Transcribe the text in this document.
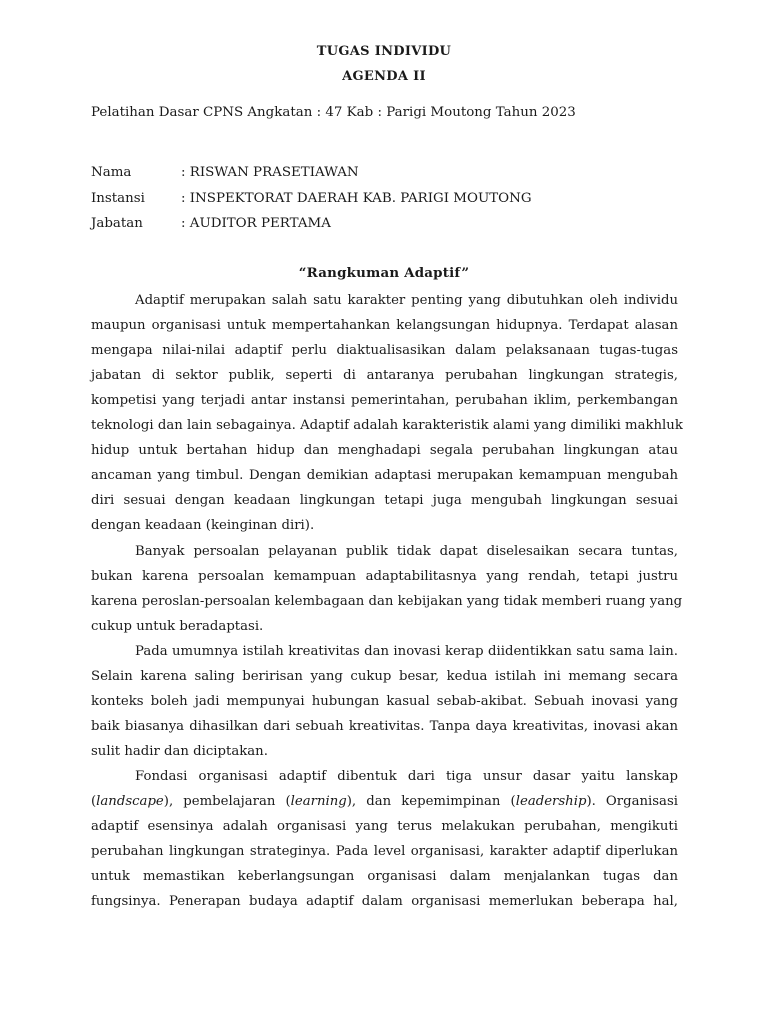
TUGAS INDIVIDU
AGENDA II
Pelatihan Dasar CPNS Angkatan : 47 Kab : Parigi Moutong Tahun 2023
Nama	: RISWAN PRASETIAWAN
Instansi	: INSPEKTORAT DAERAH KAB. PARIGI MOUTONG
Jabatan	: AUDITOR PERTAMA
“Rangkuman Adaptif”
Adaptif merupakan salah satu karakter penting yang dibutuhkan oleh individu
maupun organisasi untuk mempertahankan kelangsungan hidupnya. Terdapat alasan
mengapa nilai-nilai adaptif perlu diaktualisasikan dalam pelaksanaan tugas-tugas
jabatan di sektor publik, seperti di antaranya perubahan lingkungan strategis,
kompetisi yang terjadi antar instansi pemerintahan, perubahan iklim, perkembangan
teknologi dan lain sebagainya. Adaptif adalah karakteristik alami yang dimiliki makhluk
hidup untuk bertahan hidup dan menghadapi segala perubahan lingkungan atau
ancaman yang timbul. Dengan demikian adaptasi merupakan kemampuan mengubah
diri sesuai dengan keadaan lingkungan tetapi juga mengubah lingkungan sesuai
dengan keadaan (keinginan diri).
Banyak persoalan pelayanan publik tidak dapat diselesaikan secara tuntas,
bukan karena persoalan kemampuan adaptabilitasnya yang rendah, tetapi justru
karena peroslan-persoalan kelembagaan dan kebijakan yang tidak memberi ruang yang
cukup untuk beradaptasi.
Pada umumnya istilah kreativitas dan inovasi kerap diidentikkan satu sama lain.
Selain karena saling beririsan yang cukup besar, kedua istilah ini memang secara
konteks boleh jadi mempunyai hubungan kasual sebab-akibat. Sebuah inovasi yang
baik biasanya dihasilkan dari sebuah kreativitas. Tanpa daya kreativitas, inovasi akan
sulit hadir dan diciptakan.
Fondasi organisasi adaptif dibentuk dari tiga unsur dasar yaitu lanskap
(landscape), pembelajaran (learning), dan kepemimpinan (leadership). Organisasi
adaptif esensinya adalah organisasi yang terus melakukan perubahan, mengikuti
perubahan lingkungan strateginya. Pada level organisasi, karakter adaptif diperlukan
untuk memastikan keberlangsungan organisasi dalam menjalankan tugas dan
fungsinya. Penerapan budaya adaptif dalam organisasi memerlukan beberapa hal,
